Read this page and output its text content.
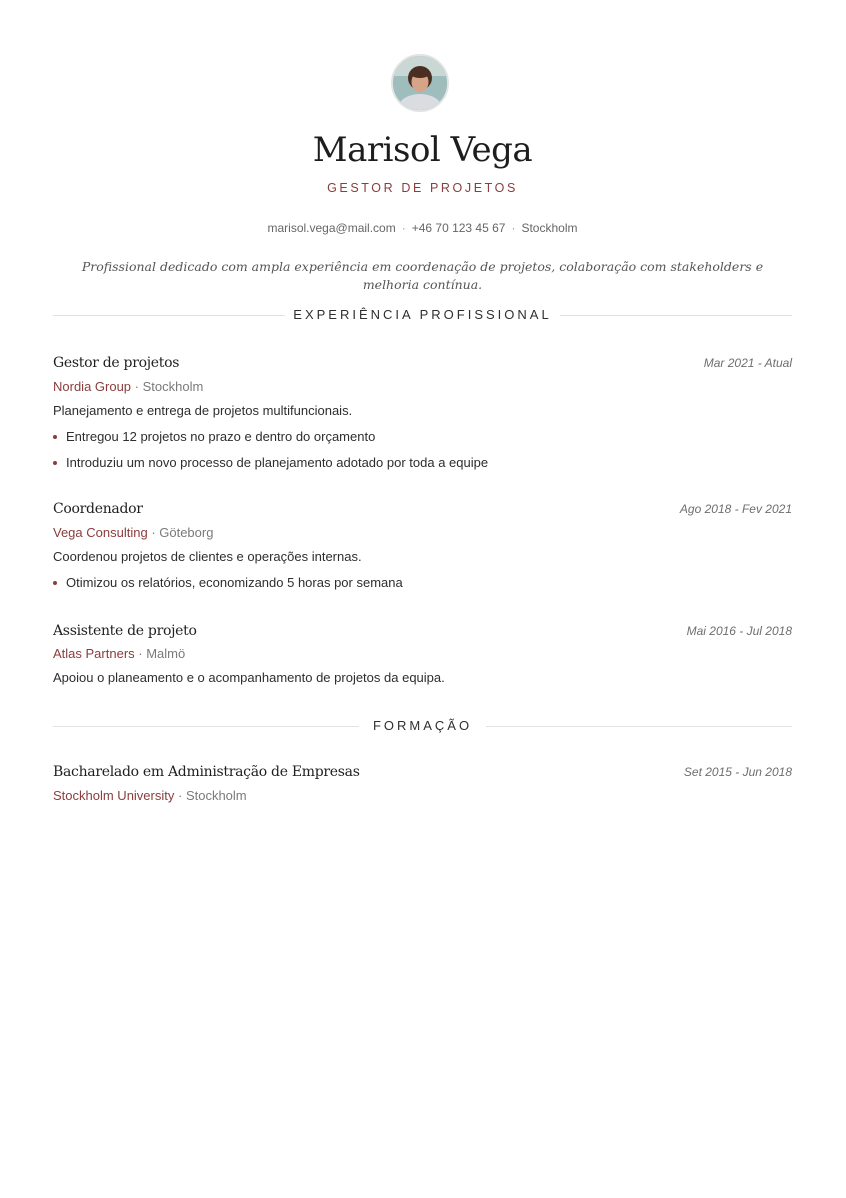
Marisol Vega
GESTOR DE PROJETOS
marisol.vega@mail.com · +46 70 123 45 67 · Stockholm
Profissional dedicado com ampla experiência em coordenação de projetos, colaboração com stakeholders e melhoria contínua.
EXPERIÊNCIA PROFISSIONAL
Gestor de projetos	Mar 2021 - Atual
Nordia Group · Stockholm
Planejamento e entrega de projetos multifuncionais.
Entregou 12 projetos no prazo e dentro do orçamento
Introduziu um novo processo de planejamento adotado por toda a equipe
Coordenador	Ago 2018 - Fev 2021
Vega Consulting · Göteborg
Coordenou projetos de clientes e operações internas.
Otimizou os relatórios, economizando 5 horas por semana
Assistente de projeto	Mai 2016 - Jul 2018
Atlas Partners · Malmö
Apoiou o planeamento e o acompanhamento de projetos da equipa.
FORMAÇÃO
Bacharelado em Administração de Empresas	Set 2015 - Jun 2018
Stockholm University · Stockholm
